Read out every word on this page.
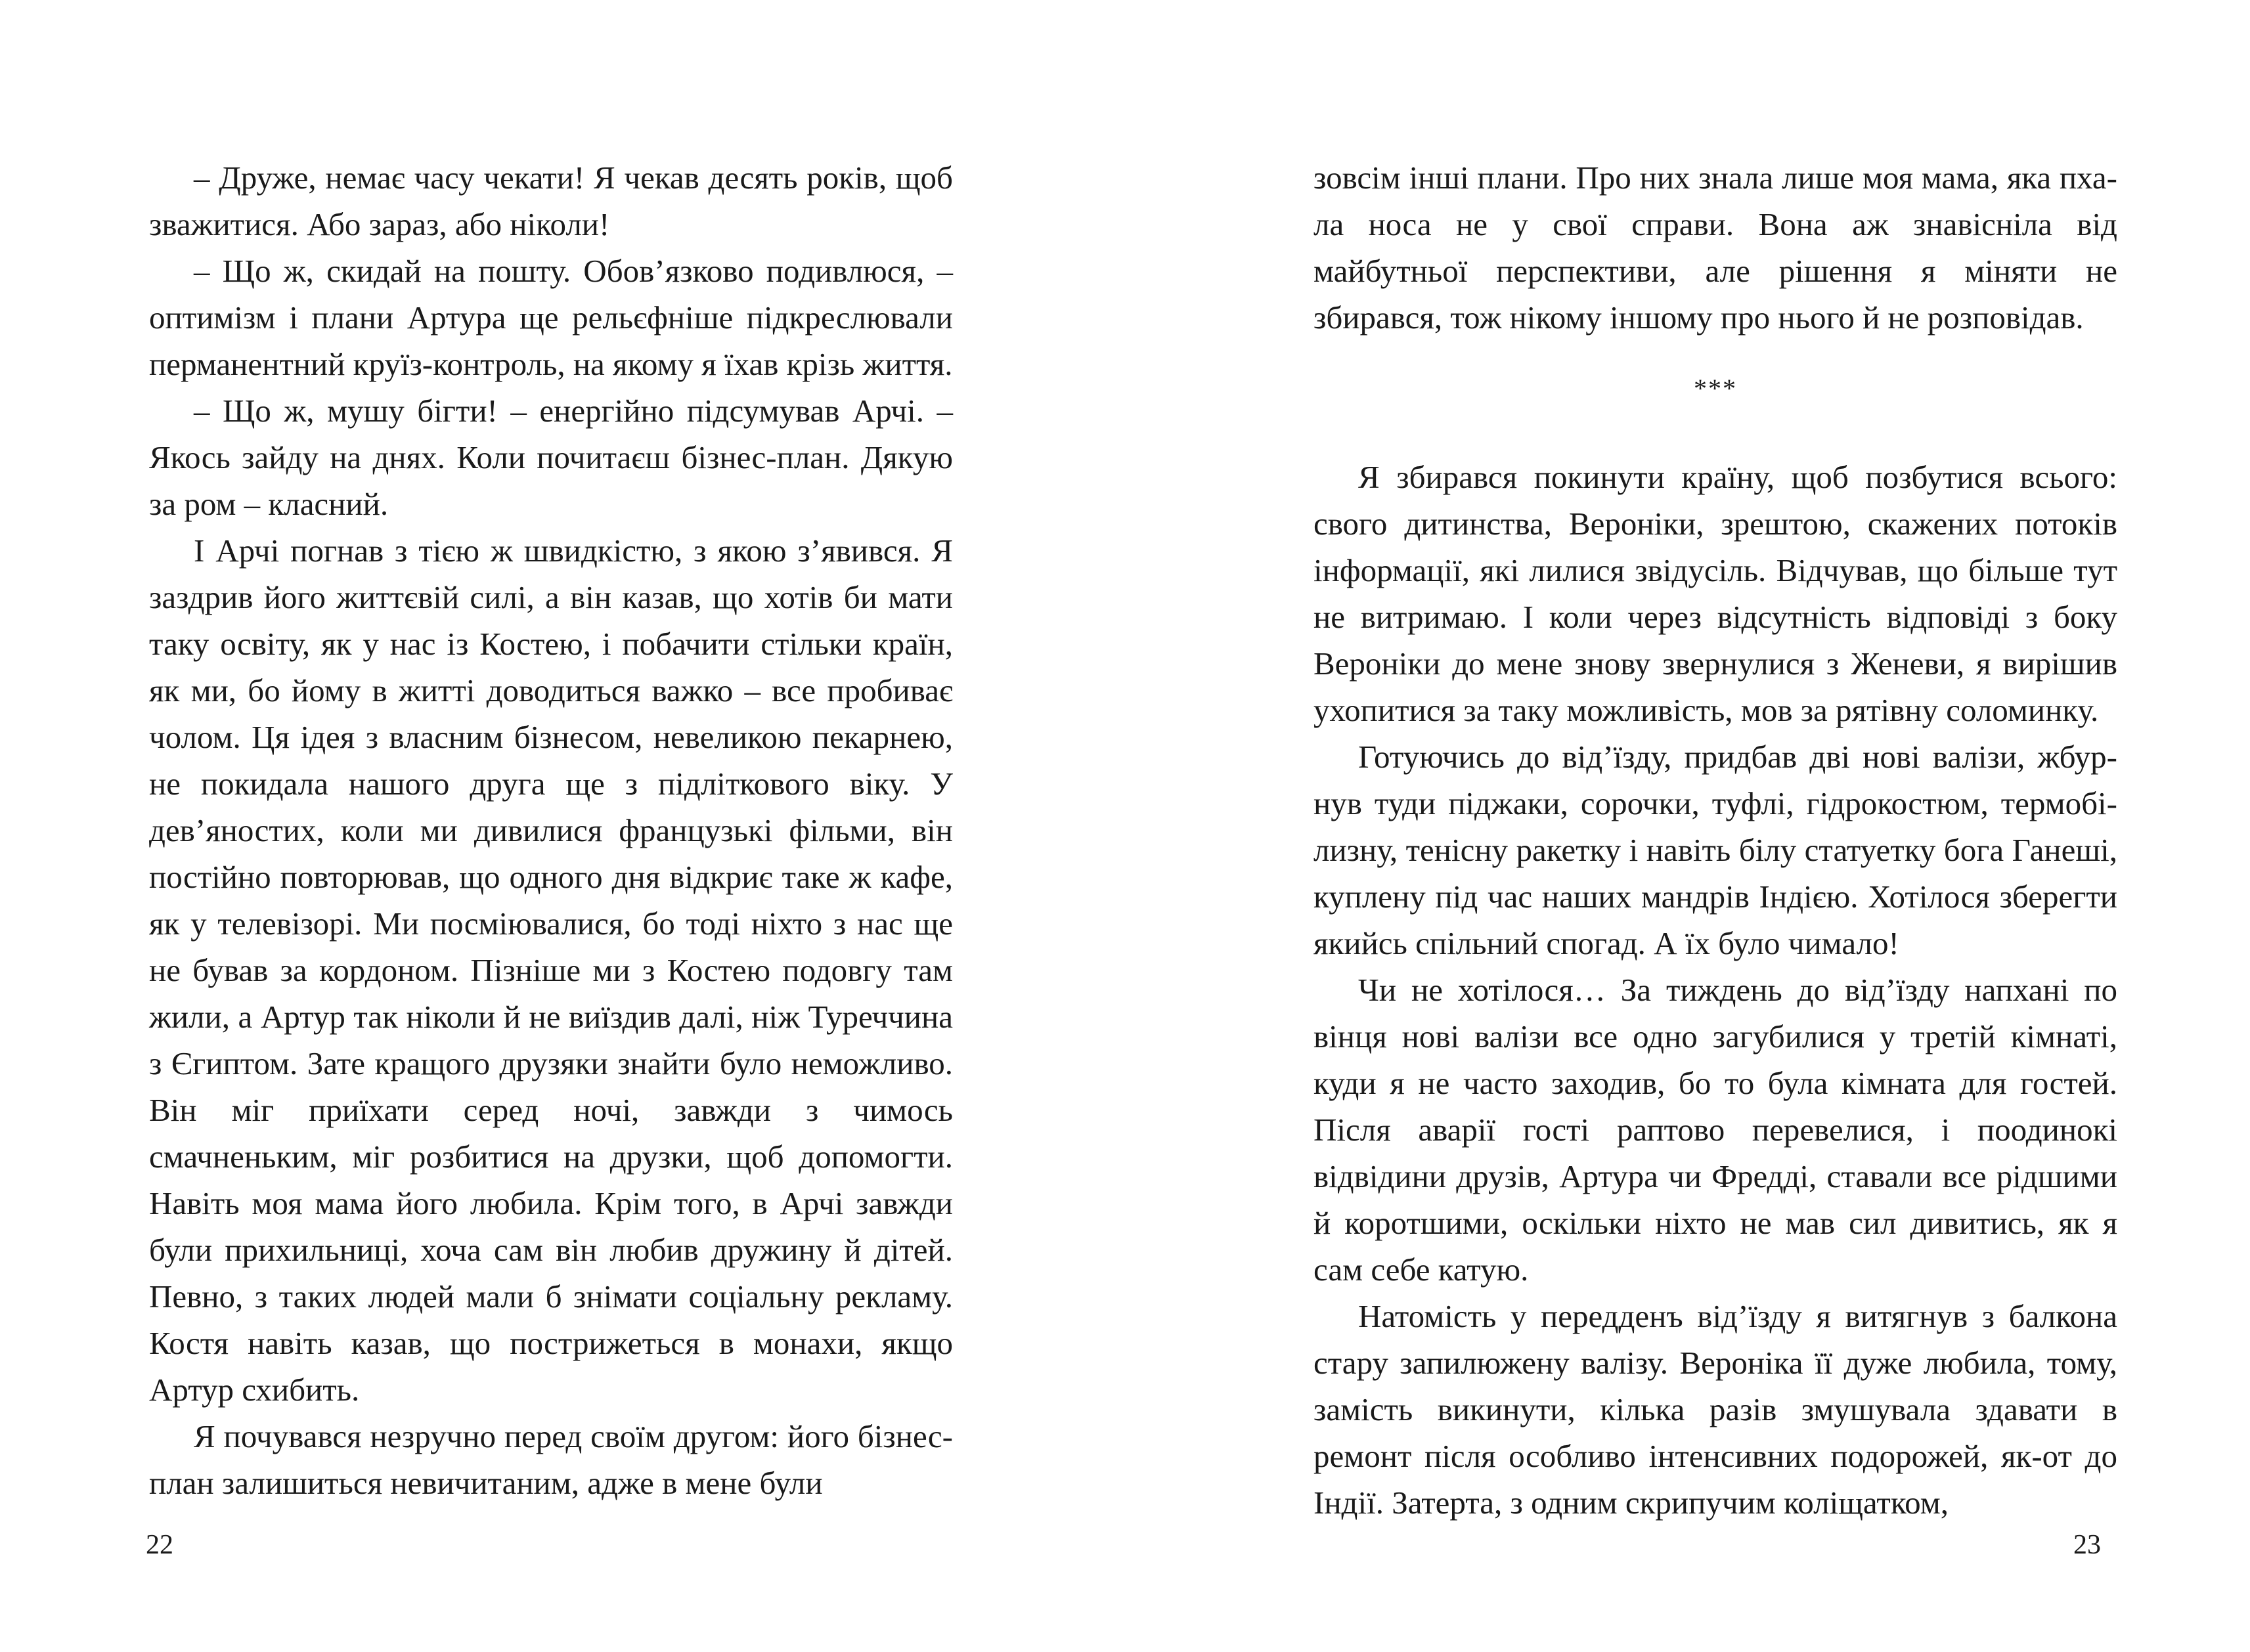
– Друже, немає часу чекати! Я чекав десять років, щоб зважитися. Або зараз, або ніколи!

– Що ж, скидай на пошту. Обов’язково подивлюся, – оптимізм і плани Артура ще рельєфніше підкреслювали перманентний круїз-контроль, на якому я їхав крізь життя.

– Що ж, мушу бігти! – енергійно підсумував Арчі. – Якось зайду на днях. Коли почитаєш бізнес-план. Дякую за ром – класний.

І Арчі погнав з тією ж швидкістю, з якою з’явився. Я заздрив його життєвій силі, а він казав, що хотів би мати таку освіту, як у нас із Костею, і побачити стільки країн, як ми, бо йому в житті доводиться важко – все пробиває чолом. Ця ідея з власним бізнесом, невеликою пекарнею, не покидала нашого друга ще з підліткового віку. У дев’яностих, коли ми дивилися французькі фільми, він постійно повторював, що одного дня відкриє таке ж кафе, як у телевізорі. Ми посміювалися, бо тоді ніхто з нас ще не бував за кордоном. Пізніше ми з Костею подовгу там жили, а Артур так ніколи й не виїздив далі, ніж Туреччина з Єгиптом. Зате кращого друзяки знайти було неможливо. Він міг приїхати серед ночі, завжди з чимось смачненьким, міг розбитися на друзки, щоб допомогти. Навіть моя мама його любила. Крім того, в Арчі завжди були прихильниці, хоча сам він любив дружину й дітей. Певно, з таких людей мали б знімати соціальну рекламу. Костя навіть казав, що пострижеться в монахи, якщо Артур схибить.

Я почувався незручно перед своїм другом: його бізнес-план залишиться невичитаним, адже в мене були

22

зовсім інші плани. Про них знала лише моя мама, яка пхала носа не у свої справи. Вона аж знавіснiла від майбутньої перспективи, але рішення я міняти не збирався, тож нікому іншому про нього й не розповідав.

***

Я збирався покинути країну, щоб позбутися всього: свого дитинства, Вероніки, зрештою, скажених потоків інформації, які лилися звідусіль. Відчував, що більше тут не витримаю. І коли через відсутність відповіді з боку Вероніки до мене знову звернулися з Женеви, я вирішив ухопитися за таку можливість, мов за рятівну соломинку.

Готуючись до від’їзду, придбав дві нові валізи, жбурнув туди піджаки, сорочки, туфлі, гідрокостюм, термобілизну, тенісну ракетку і навіть білу статуетку бога Ганеші, куплену під час наших мандрів Індією. Хотілося зберегти якийсь спільний спогад. А їх було чимало!

Чи не хотілося… За тиждень до від’їзду напхані по вінця нові валізи все одно загубилися у третій кімнаті, куди я не часто заходив, бо то була кімната для гостей. Після аварії гості раптово перевелися, і поодинокі відвідини друзів, Артура чи Фредді, ставали все рідшими й коротшими, оскільки ніхто не мав сил дивитись, як я сам себе катую.

Натомість у передденъ від’їзду я витягнув з балкона стару запилюжену валізу. Вероніка її дуже любила, тому, замість викинути, кілька разів змушувала здавати в ремонт після особливо інтенсивних подорожей, як-от до Індії. Затерта, з одним скрипучим коліщатком,

23
